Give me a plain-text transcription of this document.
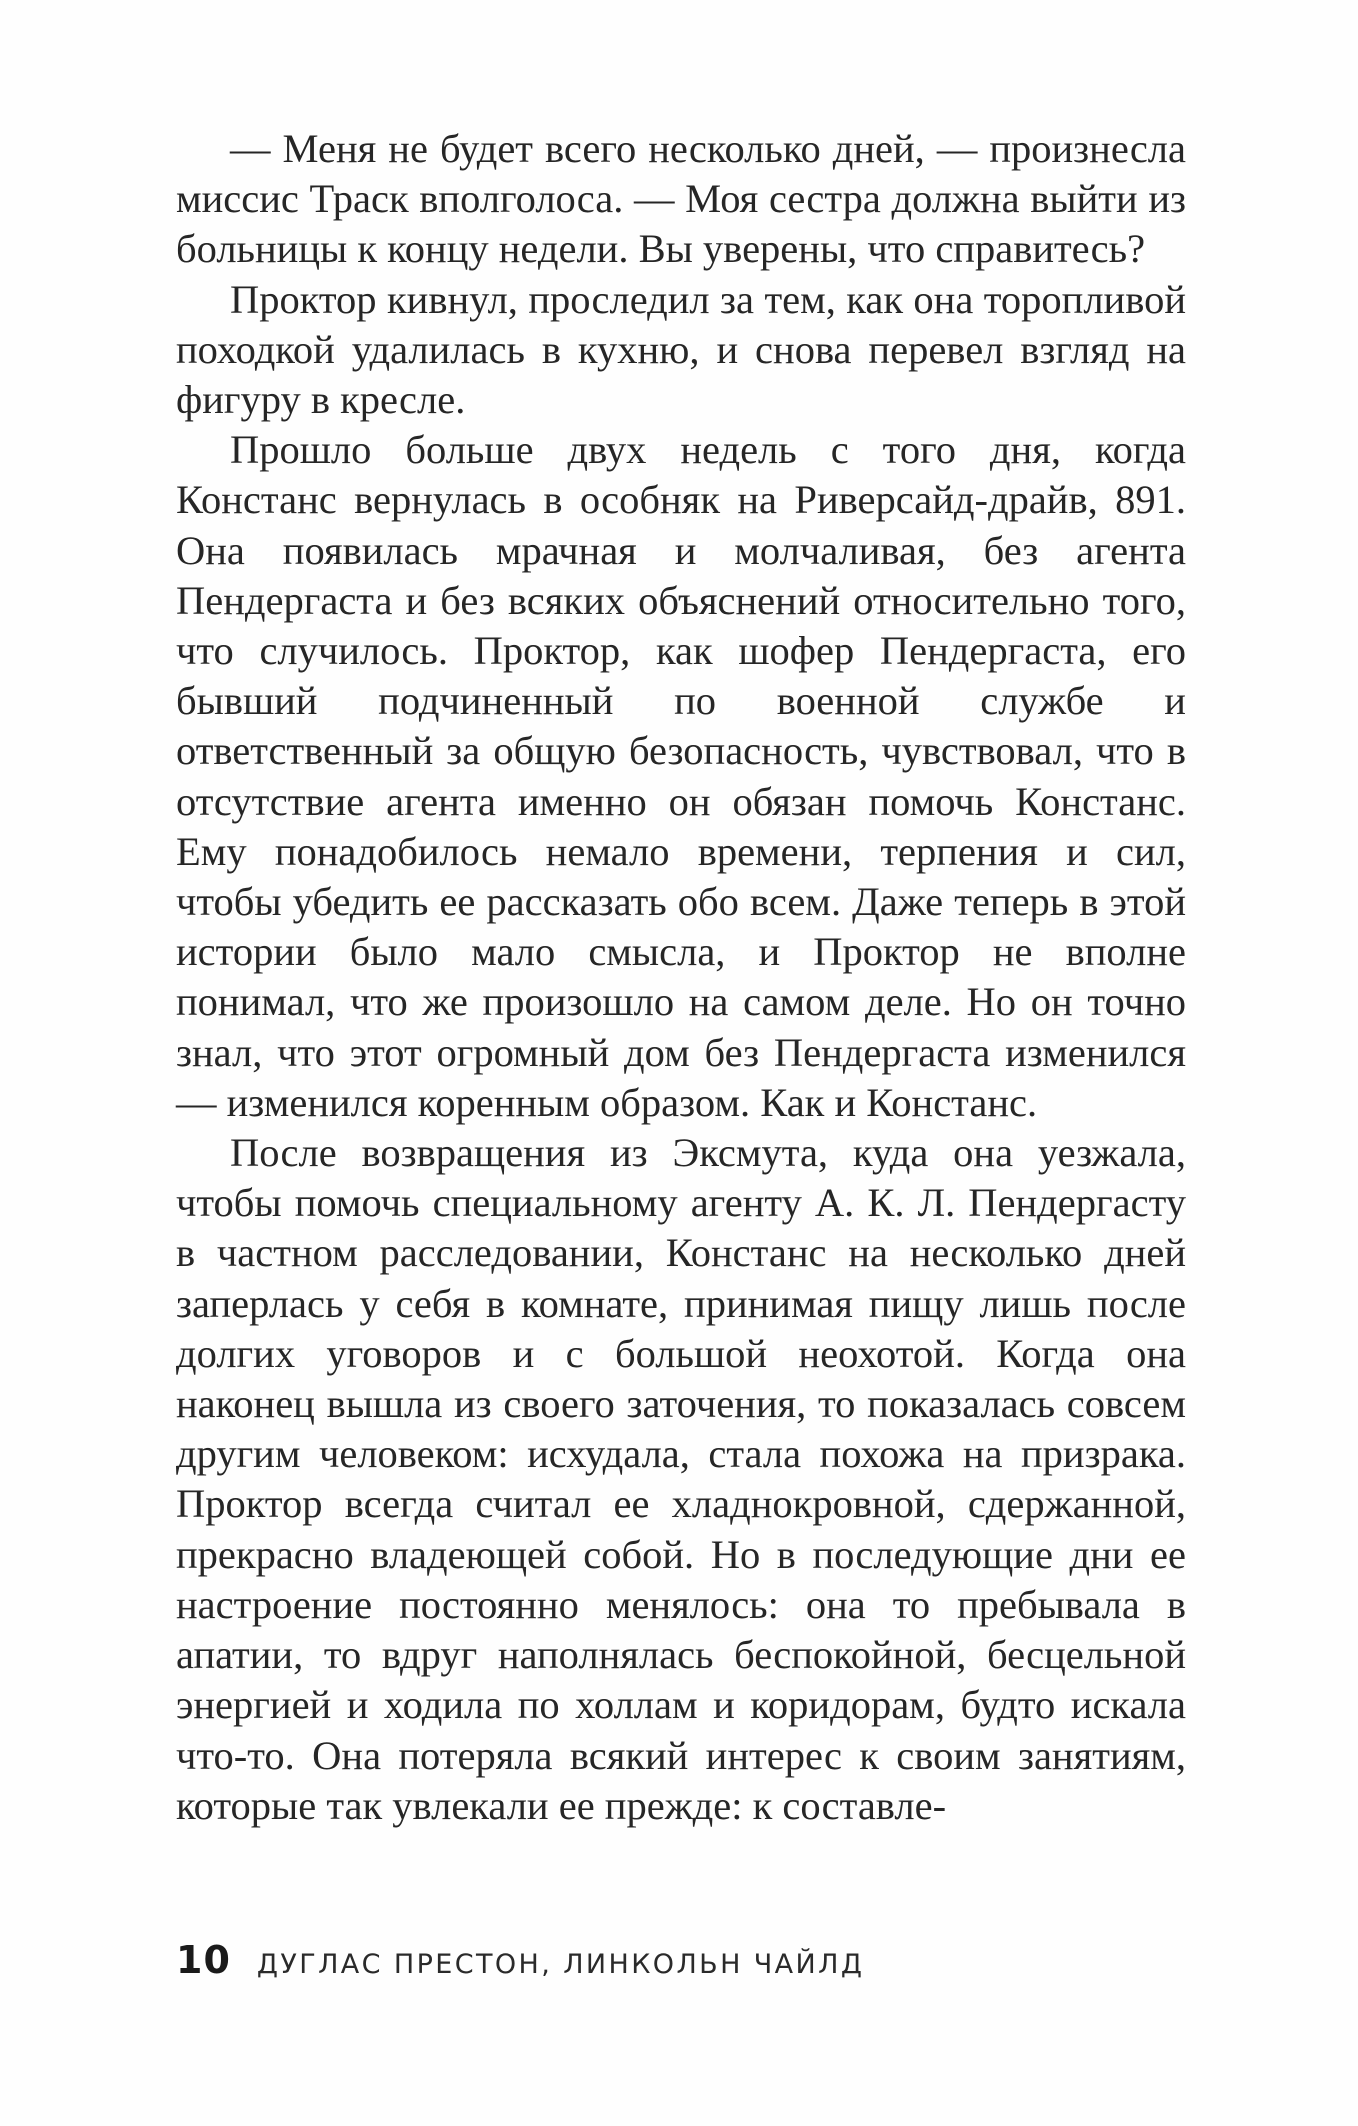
— Меня не будет всего несколько дней, — произнесла миссис Траск вполголоса. — Моя сестра должна выйти из больницы к концу недели. Вы уверены, что справитесь?

Проктор кивнул, проследил за тем, как она торопливой походкой удалилась в кухню, и снова перевел взгляд на фигуру в кресле.

Прошло больше двух недель с того дня, когда Констанс вернулась в особняк на Риверсайд-драйв, 891. Она появилась мрачная и молчаливая, без агента Пендергаста и без всяких объяснений относительно того, что случилось. Проктор, как шофер Пендергаста, его бывший подчиненный по военной службе и ответственный за общую безопасность, чувствовал, что в отсутствие агента именно он обязан помочь Констанс. Ему понадобилось немало времени, терпения и сил, чтобы убедить ее рассказать обо всем. Даже теперь в этой истории было мало смысла, и Проктор не вполне понимал, что же произошло на самом деле. Но он точно знал, что этот огромный дом без Пендергаста изменился — изменился коренным образом. Как и Констанс.

После возвращения из Эксмута, куда она уезжала, чтобы помочь специальному агенту А. К. Л. Пендергасту в частном расследовании, Констанс на несколько дней заперлась у себя в комнате, принимая пищу лишь после долгих уговоров и с большой неохотой. Когда она наконец вышла из своего заточения, то показалась совсем другим человеком: исхудала, стала похожа на призрака. Проктор всегда считал ее хладнокровной, сдержанной, прекрасно владеющей собой. Но в последующие дни ее настроение постоянно менялось: она то пребывала в апатии, то вдруг наполнялась беспокойной, бесцельной энергией и ходила по холлам и коридорам, будто искала что-то. Она потеряла всякий интерес к своим занятиям, которые так увлекали ее прежде: к составле-

10 ДУГЛАС ПРЕСТОН, ЛИНКОЛЬН ЧАЙЛД
